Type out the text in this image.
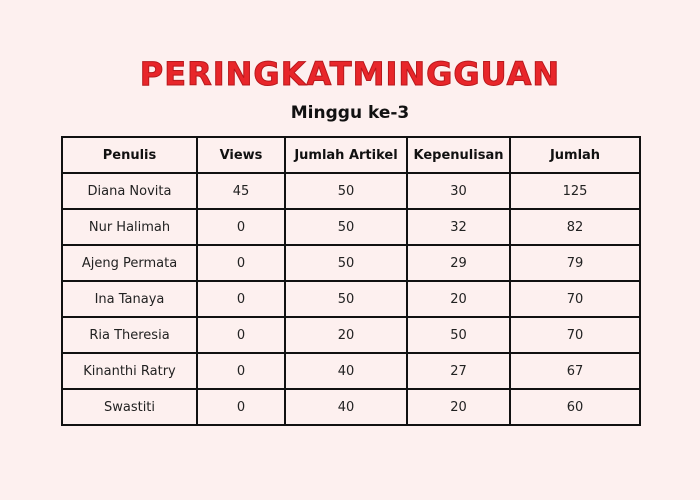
PERINGKATMINGGUAN
Minggu ke-3
Penulis	Views	Jumlah Artikel	Kepenulisan	Jumlah
Diana Novita	45	50	30	125
Nur Halimah	0	50	32	82
Ajeng Permata	0	50	29	79
Ina Tanaya	0	50	20	70
Ria Theresia	0	20	50	70
Kinanthi Ratry	0	40	27	67
Swastiti	0	40	20	60
